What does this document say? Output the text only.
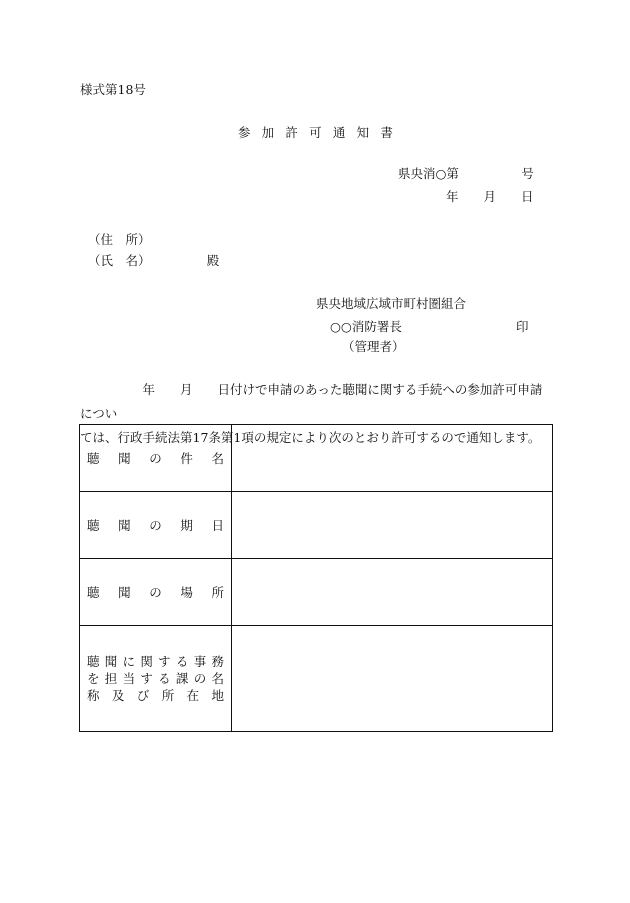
様式第18号
参加許可通知書
県央消○第　　　　　号
年　　月　　日
（住　所）
（氏　名）　　　　　殿
県央地域広域市町村圏組合
○○消防署長	印
（管理者）
　　　　　年　　月　　日付けで申請のあった聴聞に関する手続への参加許可申請につい
ては、行政手続法第17条第1項の規定により次のとおり許可するので通知します。
聴聞の件名	

聴聞の期日	

聴聞の場所	

聴聞に関する事務
を担当する課の名
称及び所在地	
